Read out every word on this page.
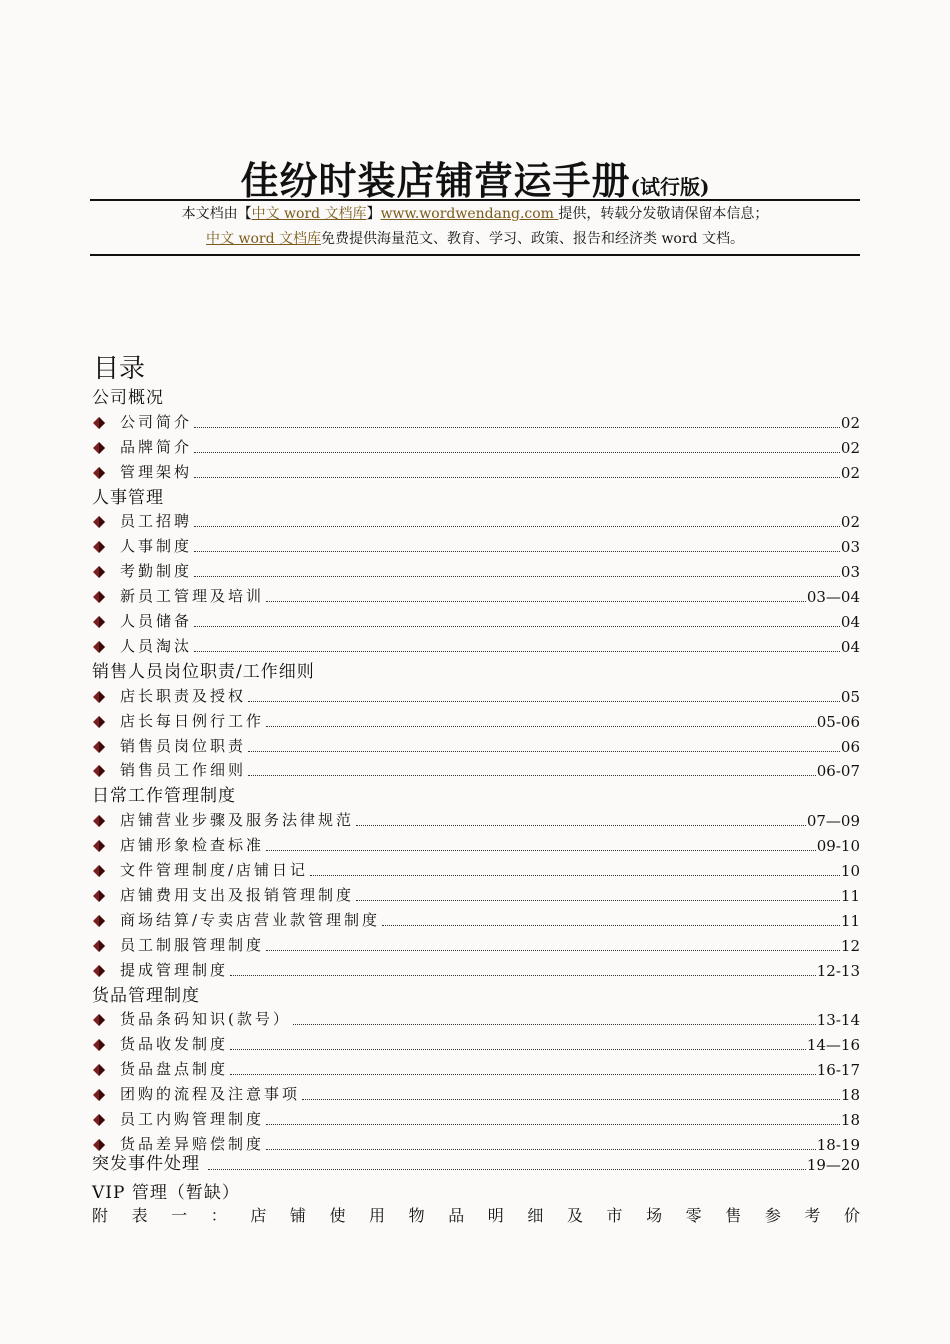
佳纷时装店铺营运手册(试行版)
本文档由【中文 word 文档库】www.wordwendang.com 提供，转载分发敬请保留本信息；
中文 word 文档库免费提供海量范文、教育、学习、政策、报告和经济类 word 文档。
目录
公司概况
公司简介	02
品牌简介	02
管理架构	02
人事管理
员工招聘	02
人事制度	03
考勤制度	03
新员工管理及培训	03—04
人员储备	04
人员淘汰	04
销售人员岗位职责/工作细则
店长职责及授权	05
店长每日例行工作	05-06
销售员岗位职责	06
销售员工作细则	06-07
日常工作管理制度
店铺营业步骤及服务法律规范	07—09
店铺形象检查标准	09-10
文件管理制度/店铺日记	10
店铺费用支出及报销管理制度	11
商场结算/专卖店营业款管理制度	11
员工制服管理制度	12
提成管理制度	12-13
货品管理制度
货品条码知识(款号）	13-14
货品收发制度	14—16
货品盘点制度	16-17
团购的流程及注意事项	18
员工内购管理制度	18
货品差异赔偿制度	18-19
突发事件处理	19—20
VIP 管理（暂缺）
附 表 一 ： 店 铺 使 用 物 品 明 细 及 市 场 零 售 参 考 价
